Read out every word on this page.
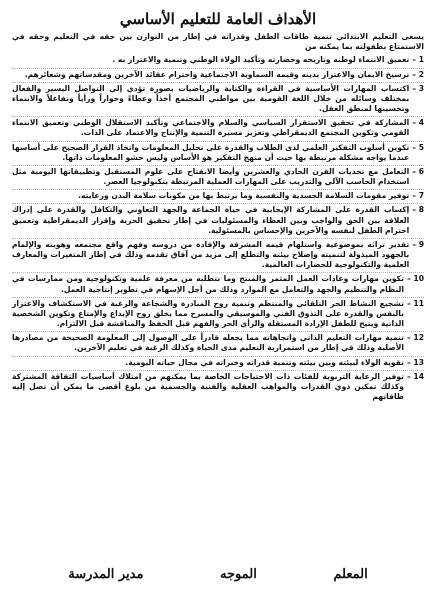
الأهداف العامة للتعليم الأساسي
يسعى التعليم الابتدائي تنمية طاقات الطفل وقدراته في إطار من التوازن بين حقه في التعليم وحقه في الاستمتاع بطفولته بما يمكنه من
1 –
تعميق الانتماء لوطنه وتاريخه وحضارته وتأكيد الولاء الوطني وتنمية والاعتزاز به .
2 –
ترسيخ الايمان والاعتزاز بدينه وقيمه السماوية الاجتماعية واحترام عقائد الآخرين ومقدساتهم وشعائرهم.
3 –
اكتساب المهارات الأساسية في القراءة والكتابة والرياضيات بصورة تؤدي إلى التواصل اليسير والفعال بمختلف وسائله من خلال اللغة القومية بين مواطني المجتمع أخذاً وعطاءً وحواراً ورأياً وتفاعلاً والانتماء وتحسينها لمنطق العقل.
4 –
المشاركة في تحقيق الاستقرار السياسي والسلام والاجتماعي وتأكيد الاستقلال الوطني وتعميق الانتماء القومي وتكوين المجتمع الديمقراطي وتعزيز مسيرة التنمية والإنتاج والاعتماد على الذات.
5 –
تكوين أسلوب التفكير العلمي لدى الطلاب والقدرة على تحليل المعلومات واتخاذ القرار الصحيح على أساسها عندما يواجه مشكلة مرتبطة بها حيث أن منهج التفكير هو الأساس وليس حشو المعلومات ذاتها.
6 –
التعامل مع تحديات القرن الحادي والعشرين وأيضا الانفتاح على علوم المستقبل وتطبيقاتها اليومية مثل استخدام الحاسب الآلي والتدريب على المهارات العملية المرتبطة بتكنولوجيا العصر.
7 –
توفير مقومات السلامة الجسدية والنفسية وما يرتبط بها من مكونات سلامة البدن ورعايته.
8 –
إكساب القدرة على المشاركة الإيجابية في حياة الجماعة والجهد التعاوني والتكافل والقدرة على إدراك العلاقة بين الحق والواجب وبين العطاء والمسئوليات في إطار تحقيق الحرية وإقرار الديمقراطية وتعميق احترام الطفل لنفسه والآخرين والإحساس بالمسئولية.
9 –
تقدير تراثه بموضوعية واستلهام قيمه المشرقة والإفادة من دروسه وفهم واقع مجتمعه وهويته والإلمام بالجهود المبذولة لتنميته وإصلاح بيئته والتطلع إلى مزيد من آفاق تقدمه وذلك في إطار المتغيرات والمعارف العلمية والتكنولوجية للحضارات العالمية.
10 –
تكوين مهارات وعادات العمل المثمر والمنتج وما تتطلبه من معرفة علمية وتكنولوجية ومن ممارسات في النظام والتنظيم والجهد والتعامل مع الموارد وذلك من أجل الإسهام في تطوير إنتاجية العمل.
11 –
تشجيع النشاط الحر التلقائي والمنتظم وتنمية روح المبادرة والشجاعة والرغبة في الاستكشاف والاعتزاز بالنفس والقدرة على التذوق الفني والموسيقي والمسرح مما يخلق روح الإبداع والإمتاع وتكوين الشخصية الذاتية ويتيح للطفل الإرادة المستقلة والرأي الحر والفهم قبل الحفظ والمناقشة قبل الالتزام.
12 –
تنمية مهارات التعليم الذاتي واتجاهاته مما يجعله قادراً على الوصول إلى المعلومة الصحيحة من مصادرها الأصلية وذلك في إطار من استمرارية التعليم مدى الحياة وكذلك الرغبة في تعليم الآخرين.
13 –
تقوية الولاء لبيئته وبين بيئته وتنمية قدراته وخبراته في مجال حياته اليومية.
14 –
توفير الرعاية التربوية للفئات ذات الاحتياجات الخاصة بما يمكنهم من امتلاك أساسيات الثقافة المشتركة وكذلك تمكين ذوي القدرات والمواهب العقلية والفنية والجسمية من بلوغ أقصى ما يمكن أن تصل إليه طاقاتهم
المعلم
الموجه
مدير المدرسة
